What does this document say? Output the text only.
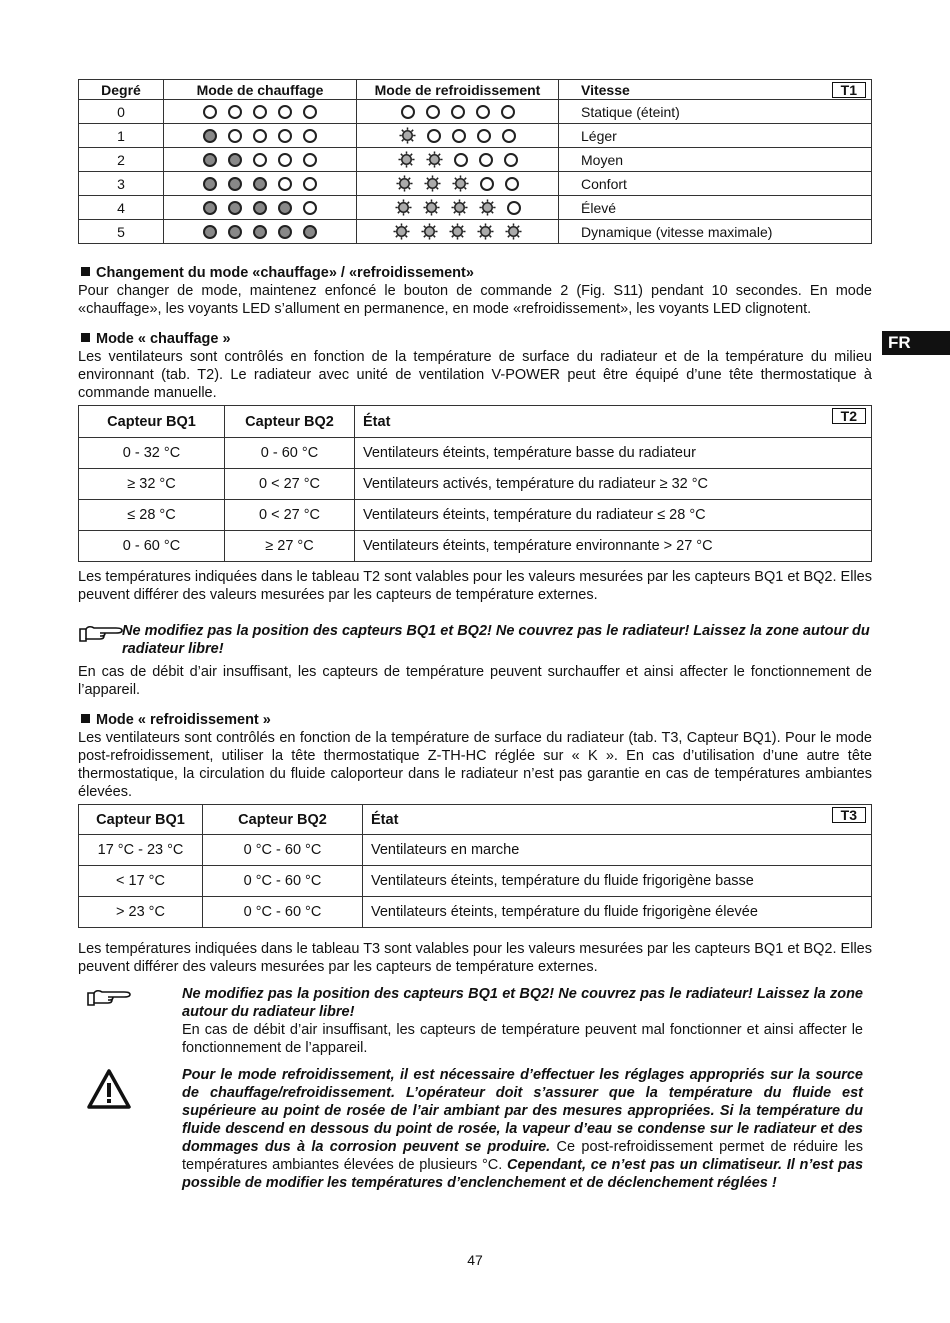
Degré	Mode de chauffage	Mode de refroidissement	Vitesse T1

0			Statique (éteint)
1			Léger
2			Moyen
3			Confort
4			Élevé
5			Dynamique (vitesse maximale)
FR
Changement du mode «chauffage» / «refroidissement»
Pour changer de mode, maintenez enfoncé le bouton de commande 2 (Fig. S11) pendant 10 secondes. En mode «chauffage», les voyants LED s’allument en permanence, en mode «refroidissement», les voyants LED clignotent.
Mode « chauffage »
Les ventilateurs sont contrôlés en fonction de la température de surface du radiateur et de la température du milieu environnant (tab. T2). Le radiateur avec unité de ventilation V-POWER peut être équipé d’une tête thermostatique à commande manuelle.
Capteur BQ1	Capteur BQ2	État T2

0 - 32 °C	0 - 60 °C	Ventilateurs éteints, température basse du radiateur
≥ 32 °C	0 < 27 °C	Ventilateurs activés, température du radiateur ≥ 32 °C
≤ 28 °C	0 < 27 °C	Ventilateurs éteints, température du radiateur ≤ 28 °C
0 - 60 °C	≥ 27 °C	Ventilateurs éteints, température environnante > 27 °C
Les températures indiquées dans le tableau T2 sont valables pour les valeurs mesurées par les capteurs BQ1 et BQ2. Elles peuvent différer des valeurs mesurées par les capteurs de température externes.
Ne modifiez pas la position des capteurs BQ1 et BQ2! Ne couvrez pas le radiateur! Laissez la zone autour du radiateur libre!
En cas de débit d’air insuffisant, les capteurs de température peuvent surchauffer et ainsi affecter le fonctionnement de l’appareil.
Mode « refroidissement »
Les ventilateurs sont contrôlés en fonction de la température de surface du radiateur (tab. T3, Capteur BQ1). Pour le mode post-refroidissement, utiliser la tête thermostatique Z-TH-HC réglée sur « K ». En cas d’utilisation d’une autre tête thermostatique, la circulation du fluide caloporteur dans le radiateur n’est pas garantie en cas de températures ambiantes élevées.
Capteur BQ1	Capteur BQ2	État T3

17 °C - 23 °C	0 °C - 60 °C	Ventilateurs en marche
< 17 °C	0 °C - 60 °C	Ventilateurs éteints, température du fluide frigorigène basse
> 23 °C	0 °C - 60 °C	Ventilateurs éteints, température du fluide frigorigène élevée
Les températures indiquées dans le tableau T3 sont valables pour les valeurs mesurées par les capteurs BQ1 et BQ2. Elles peuvent différer des valeurs mesurées par les capteurs de température externes.
Ne modifiez pas la position des capteurs BQ1 et BQ2! Ne couvrez pas le radiateur! Laissez la zone autour du radiateur libre!
En cas de débit d’air insuffisant, les capteurs de température peuvent mal fonctionner et ainsi affecter le fonctionnement de l’appareil.
Pour le mode refroidissement, il est nécessaire d’effectuer les réglages appropriés sur la source de chauffage/refroidissement. L’opérateur doit s’assurer que la température du fluide est supérieure au point de rosée de l’air ambiant par des mesures appropriées. Si la température du fluide descend en dessous du point de rosée, la vapeur d’eau se condense sur le radiateur et des dommages dus à la corrosion peuvent se produire. Ce post-refroidissement permet de réduire les températures ambiantes élevées de plusieurs °C. Cependant, ce n’est pas un climatiseur. Il n’est pas possible de modifier les températures d’enclenchement et de déclenchement réglées !
47
